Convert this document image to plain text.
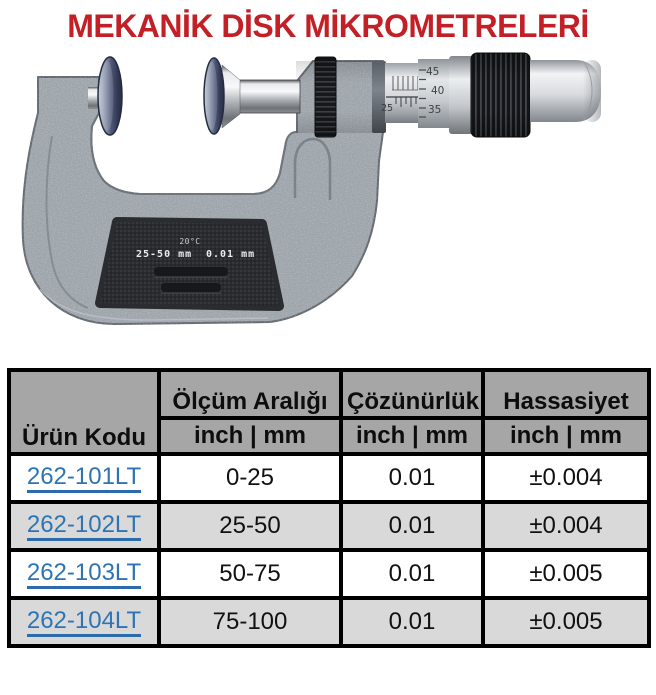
MEKANİK DİSK MİKROMETRELERİ
25
45
40
35
20°C
25-50 mm 0.01 mm
Ürün Kodu	Ölçüm Aralığı	Çözünürlük	Hassasiyet
	inch | mm	inch | mm	inch | mm
262-101LT	0-25	0.01	±0.004
262-102LT	25-50	0.01	±0.004
262-103LT	50-75	0.01	±0.005
262-104LT	75-100	0.01	±0.005
